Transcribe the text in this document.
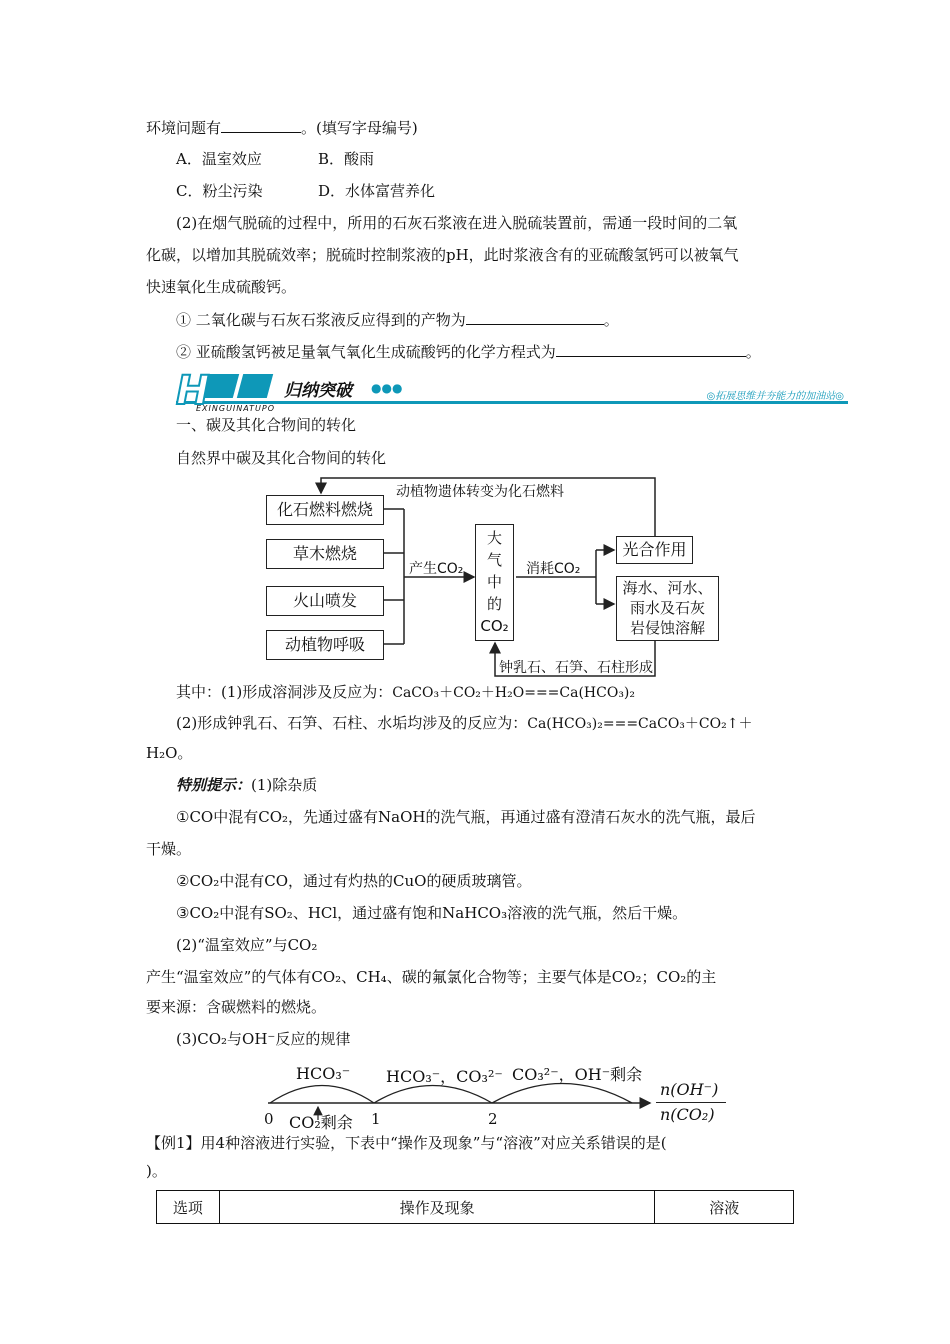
环境问题有	。(填写字母编号)
A．温室效应	B．酸雨
C．粉尘污染	D．水体富营养化
(2)在烟气脱硫的过程中，所用的石灰石浆液在进入脱硫装置前，需通一段时间的二氧
化碳，以增加其脱硫效率；脱硫时控制浆液的pH，此时浆液含有的亚硫酸氢钙可以被氧气
快速氧化生成硫酸钙。
① 二氧化碳与石灰石浆液反应得到的产物为	。
② 亚硫酸氢钙被足量氧气氧化生成硫酸钙的化学方程式为	。
H	归纳突破 ●●●
EXINGUINATUPO
◎拓展思维并夯能力的加油站◎
一、碳及其化合物间的转化
自然界中碳及其化合物间的转化
动植物遗体转变为化石燃料
化石燃料燃烧
草木燃烧
火山喷发
动植物呼吸
产生CO₂
大
气
中
的
CO₂
消耗CO₂
光合作用
海水、河水、
雨水及石灰
岩侵蚀溶解
钟乳石、石笋、石柱形成
其中：(1)形成溶洞涉及反应为：CaCO₃＋CO₂＋H₂O===Ca(HCO₃)₂
(2)形成钟乳石、石笋、石柱、水垢均涉及的反应为：Ca(HCO₃)₂===CaCO₃＋CO₂↑＋
H₂O。
特别提示：(1)除杂质
①CO中混有CO₂，先通过盛有NaOH的洗气瓶，再通过盛有澄清石灰水的洗气瓶，最后
干燥。
②CO₂中混有CO，通过有灼热的CuO的硬质玻璃管。
③CO₂中混有SO₂、HCl，通过盛有饱和NaHCO₃溶液的洗气瓶，然后干燥。
(2)“温室效应”与CO₂
产生“温室效应”的气体有CO₂、CH₄、碳的氟氯化合物等；主要气体是CO₂；CO₂的主
要来源：含碳燃料的燃烧。
(3)CO₂与OH⁻反应的规律
HCO₃⁻ HCO₃⁻，CO₃²⁻ CO₃²⁻，OH⁻剩余
0	1	2
CO₂剩余
n(OH⁻)
n(CO₂)
【例1】用4种溶液进行实验，下表中“操作及现象”与“溶液”对应关系错误的是(
)。
选项	操作及现象	溶液
